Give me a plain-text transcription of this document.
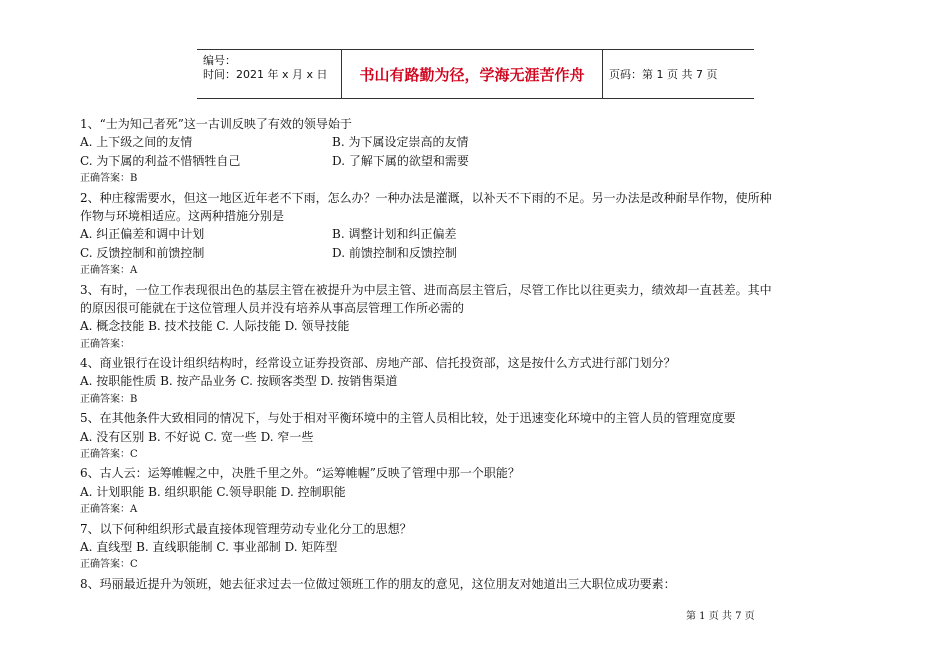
编号：
时间：2021 年 x 月 x 日	书山有路勤为径，学海无涯苦作舟	页码：第 1 页 共 7 页
1、“士为知己者死”这一古训反映了有效的领导始于
A. 上下级之间的友情	B. 为下属设定崇高的友情
C. 为下属的利益不惜牺牲自己	D. 了解下属的欲望和需要
正确答案：B
2、种庄稼需要水，但这一地区近年老不下雨，怎么办？一种办法是灌溉，以补天不下雨的不足。另一办法是改种耐旱作物，使所种
作物与环境相适应。这两种措施分别是
A. 纠正偏差和调中计划	B. 调整计划和纠正偏差
C. 反馈控制和前馈控制	D. 前馈控制和反馈控制
正确答案：A
3、有时，一位工作表现很出色的基层主管在被提升为中层主管、进而高层主管后，尽管工作比以往更卖力，绩效却一直甚差。其中
的原因很可能就在于这位管理人员并没有培养从事高层管理工作所必需的
A. 概念技能 B. 技术技能 C. 人际技能 D. 领导技能
正确答案：
4、商业银行在设计组织结构时，经常设立证券投资部、房地产部、信托投资部，这是按什么方式进行部门划分？
A. 按职能性质 B. 按产品业务 C. 按顾客类型 D. 按销售渠道
正确答案：B
5、在其他条件大致相同的情况下，与处于相对平衡环境中的主管人员相比较，处于迅速变化环境中的主管人员的管理宽度要
A. 没有区别 B. 不好说 C. 宽一些 D. 窄一些
正确答案：C
6、古人云：运筹帷幄之中，决胜千里之外。“运筹帷幄”反映了管理中那一个职能？
A. 计划职能 B. 组织职能 C.领导职能 D. 控制职能
正确答案：A
7、以下何种组织形式最直接体现管理劳动专业化分工的思想？
A. 直线型 B. 直线职能制 C. 事业部制 D. 矩阵型
正确答案：C
8、玛丽最近提升为领班，她去征求过去一位做过领班工作的朋友的意见，这位朋友对她道出三大职位成功要素：
第 1 页 共 7 页
